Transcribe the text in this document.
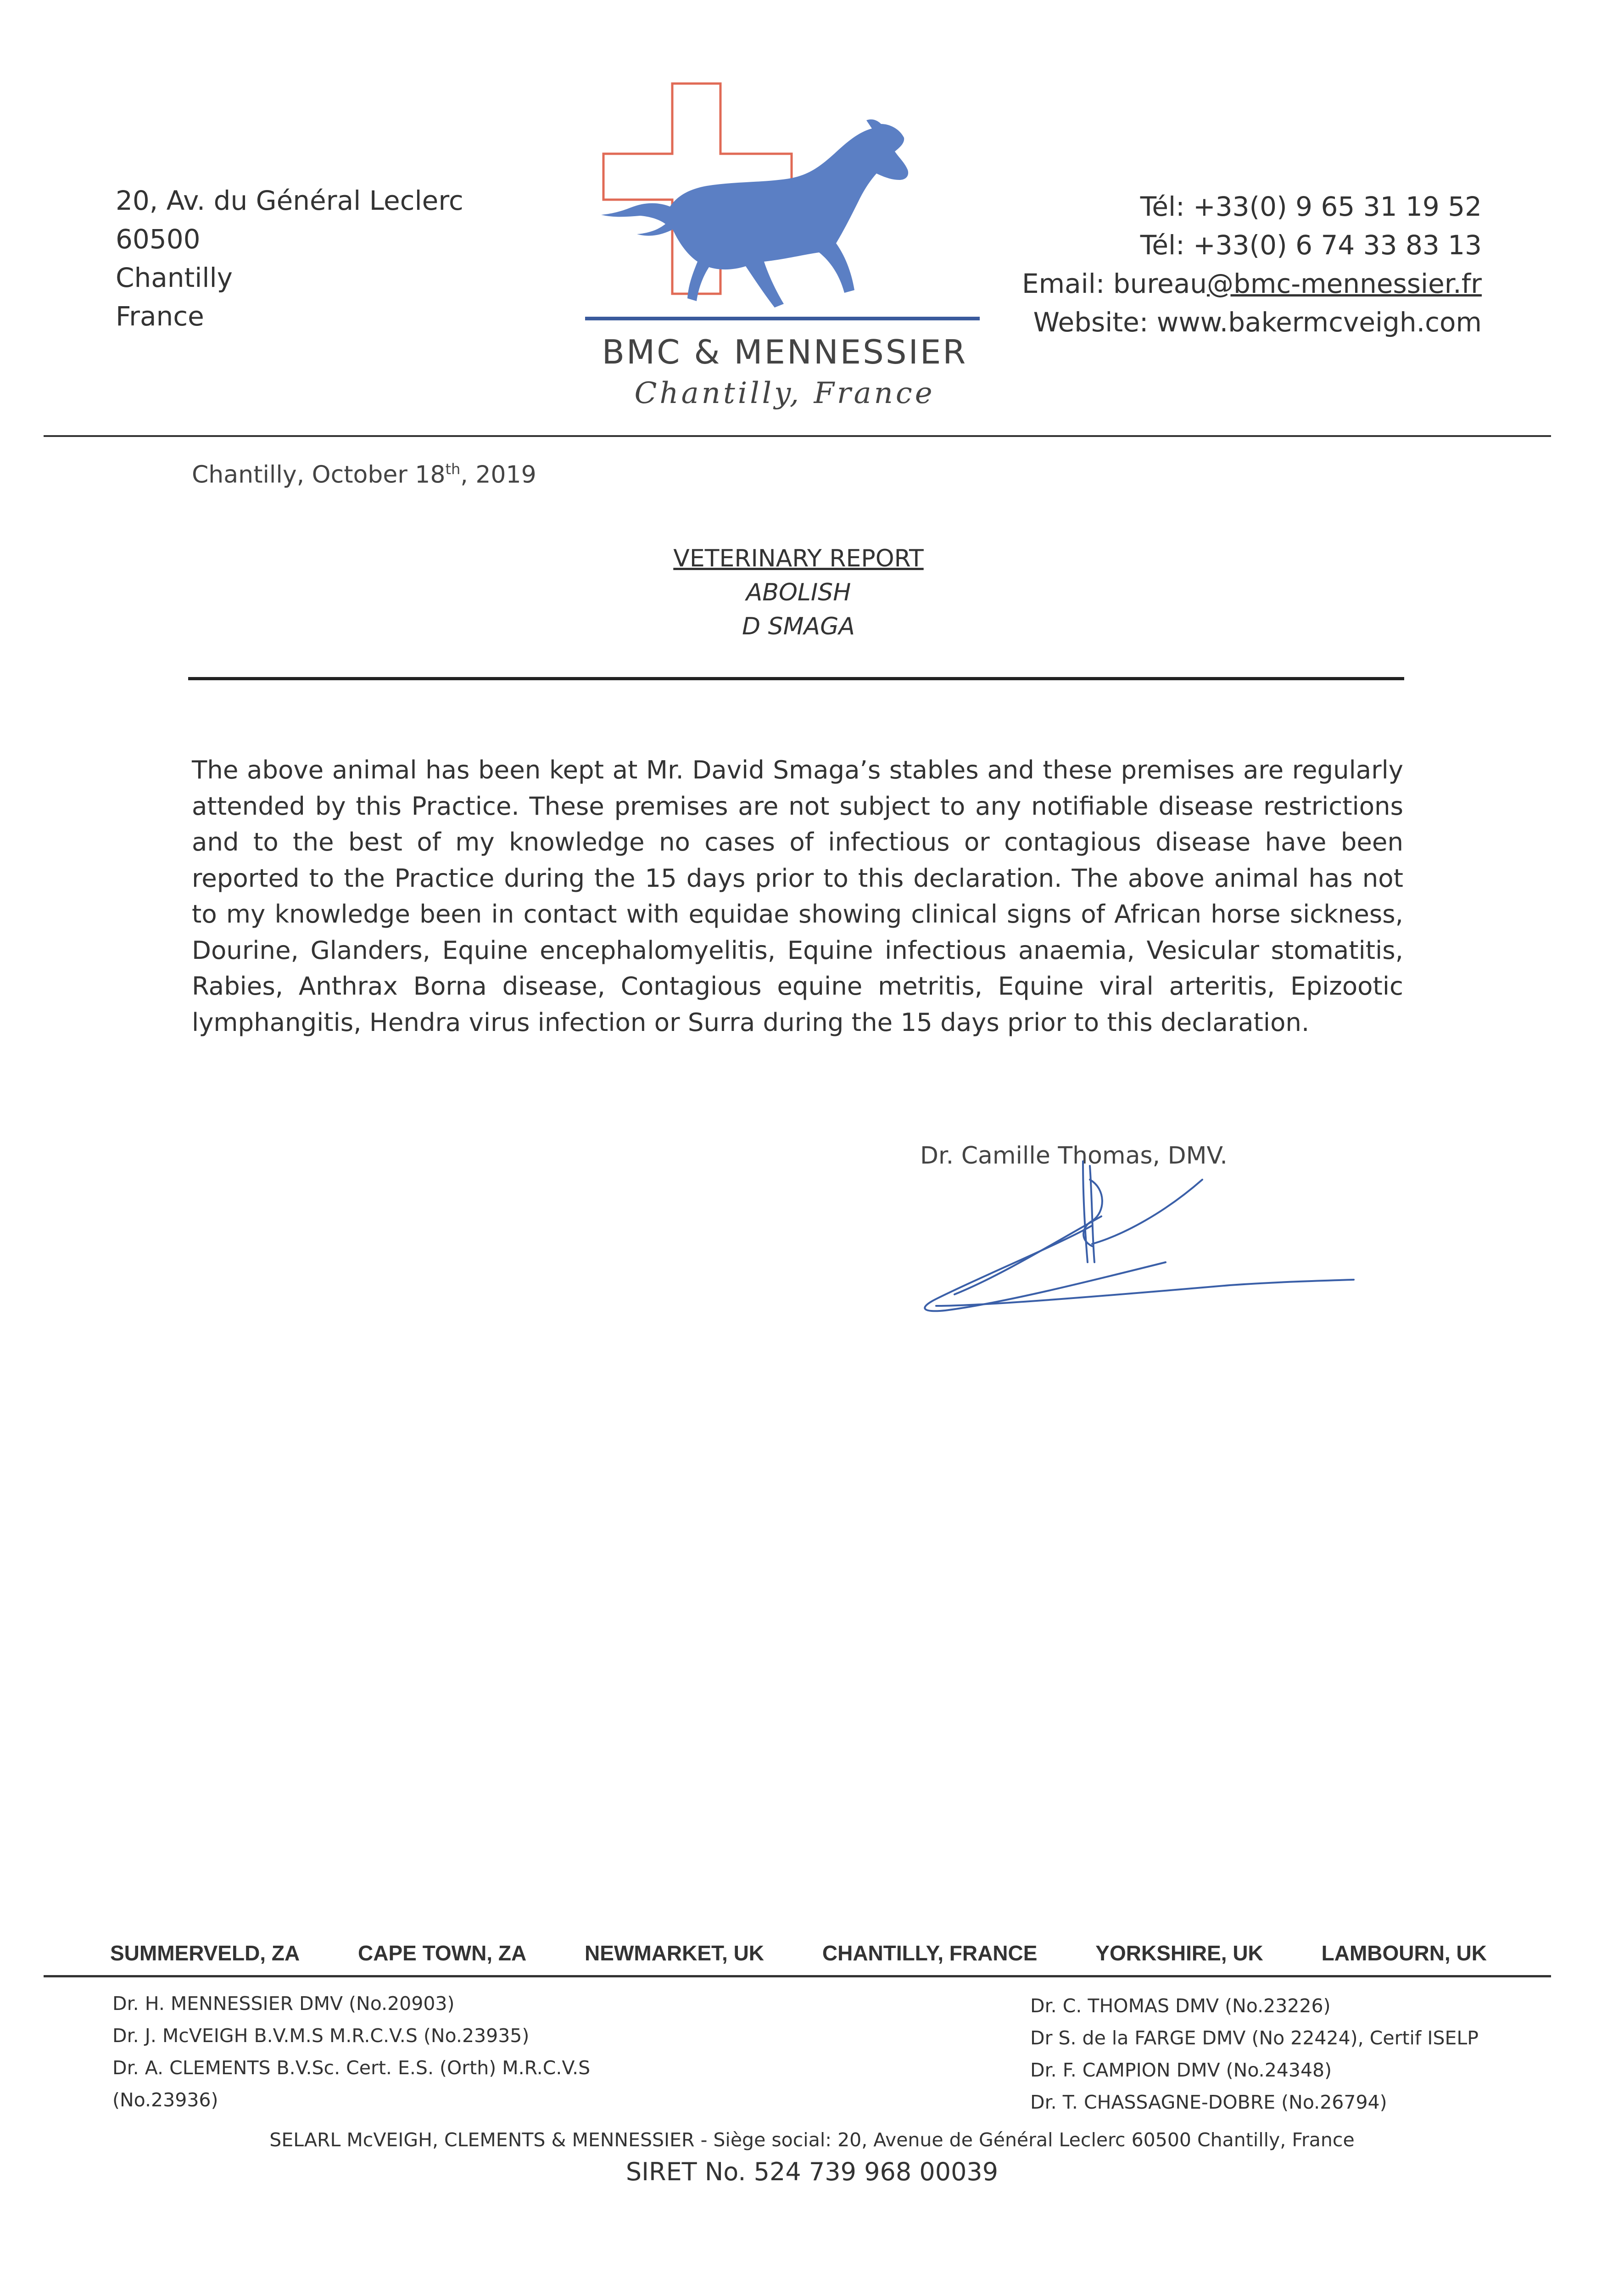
20, Av. du Général Leclerc
60500
Chantilly
France
BMC & MENNESSIER
Chantilly, France
Tél: +33(0) 9 65 31 19 52
Tél: +33(0) 6 74 33 83 13
Email: bureau@bmc-mennessier.fr
Website: www.bakermcveigh.com
Chantilly, October 18th, 2019
VETERINARY REPORT
ABOLISH
D SMAGA
The above animal has been kept at Mr. David Smaga’s stables and these premises are regularly attended by this Practice. These premises are not subject to any notifiable disease restrictions and to the best of my knowledge no cases of infectious or contagious disease have been reported to the Practice during the 15 days prior to this declaration. The above animal has not to my knowledge been in contact with equidae showing clinical signs of African horse sickness, Dourine, Glanders, Equine encephalomyelitis, Equine infectious anaemia, Vesicular stomatitis, Rabies, Anthrax Borna disease, Contagious equine metritis, Equine viral arteritis, Epizootic lymphangitis, Hendra virus infection or Surra during the 15 days prior to this declaration.
Dr. Camille Thomas, DMV.
SUMMERVELD, ZA	CAPE TOWN, ZA	NEWMARKET, UK	CHANTILLY, FRANCE	YORKSHIRE, UK	LAMBOURN, UK
Dr. H. MENNESSIER DMV (No.20903)
Dr. J. McVEIGH B.V.M.S M.R.C.V.S (No.23935)
Dr. A. CLEMENTS B.V.Sc. Cert. E.S. (Orth) M.R.C.V.S
(No.23936)
Dr. C. THOMAS DMV (No.23226)
Dr S. de la FARGE DMV (No 22424), Certif ISELP
Dr. F. CAMPION DMV (No.24348)
Dr. T. CHASSAGNE-DOBRE (No.26794)
SELARL McVEIGH, CLEMENTS & MENNESSIER - Siège social: 20, Avenue de Général Leclerc 60500 Chantilly, France
SIRET No. 524 739 968 00039
